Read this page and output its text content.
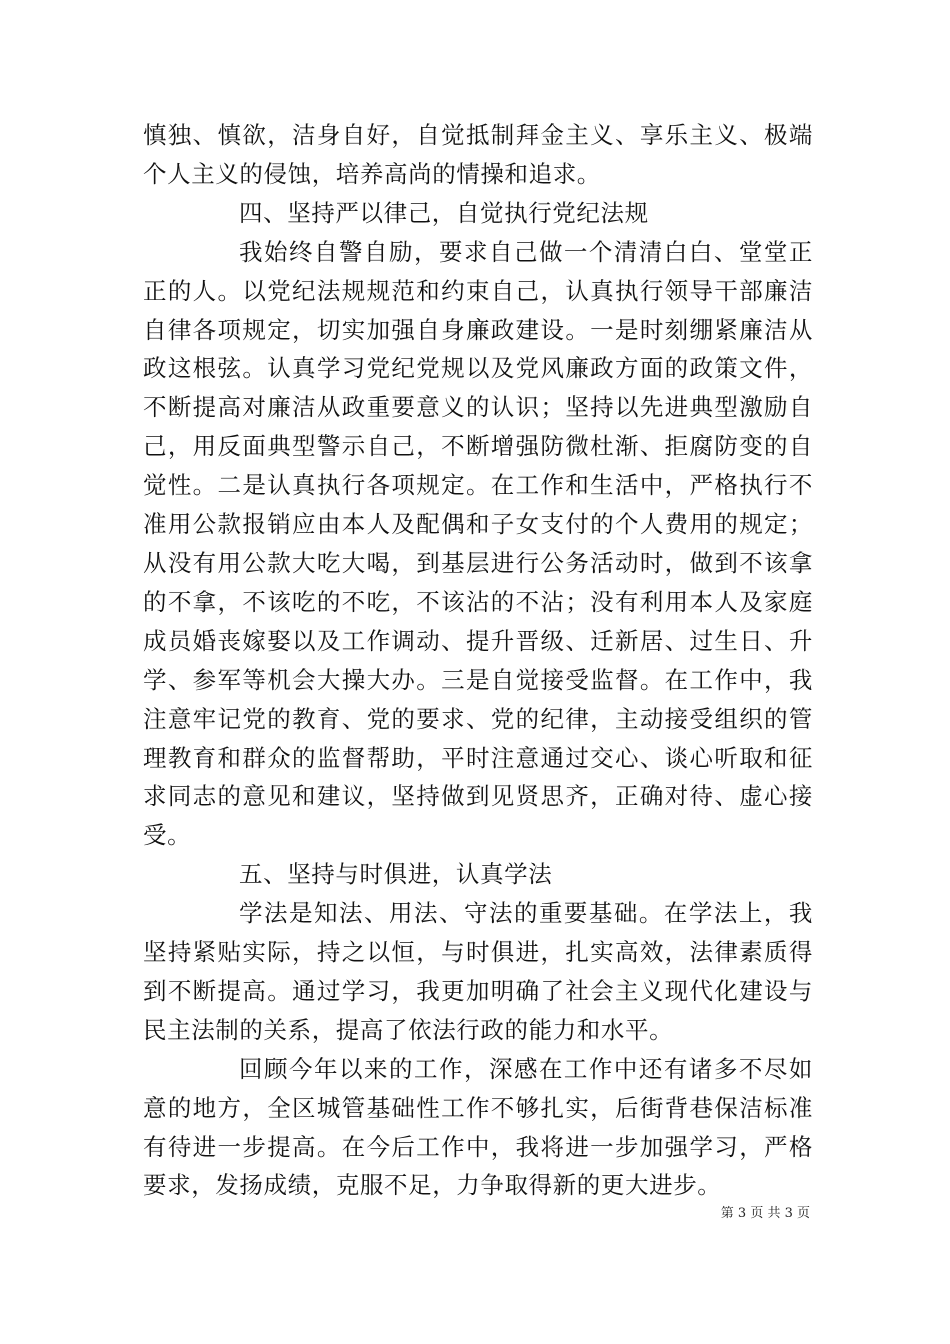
慎独、慎欲，洁身自好，自觉抵制拜金主义、享乐主义、极端个人主义的侵蚀，培养高尚的情操和追求。

四、坚持严以律己，自觉执行党纪法规

我始终自警自励，要求自己做一个清清白白、堂堂正正的人。以党纪法规规范和约束自己，认真执行领导干部廉洁自律各项规定，切实加强自身廉政建设。一是时刻绷紧廉洁从政这根弦。认真学习党纪党规以及党风廉政方面的政策文件，不断提高对廉洁从政重要意义的认识；坚持以先进典型激励自己，用反面典型警示自己，不断增强防微杜渐、拒腐防变的自觉性。二是认真执行各项规定。在工作和生活中，严格执行不准用公款报销应由本人及配偶和子女支付的个人费用的规定；从没有用公款大吃大喝，到基层进行公务活动时，做到不该拿的不拿，不该吃的不吃，不该沾的不沾；没有利用本人及家庭成员婚丧嫁娶以及工作调动、提升晋级、迁新居、过生日、升学、参军等机会大操大办。三是自觉接受监督。在工作中，我注意牢记党的教育、党的要求、党的纪律，主动接受组织的管理教育和群众的监督帮助，平时注意通过交心、谈心听取和征求同志的意见和建议，坚持做到见贤思齐，正确对待、虚心接受。

五、坚持与时俱进，认真学法

学法是知法、用法、守法的重要基础。在学法上，我坚持紧贴实际，持之以恒，与时俱进，扎实高效，法律素质得到不断提高。通过学习，我更加明确了社会主义现代化建设与民主法制的关系，提高了依法行政的能力和水平。

回顾今年以来的工作，深感在工作中还有诸多不尽如意的地方，全区城管基础性工作不够扎实，后街背巷保洁标准有待进一步提高。在今后工作中，我将进一步加强学习，严格要求，发扬成绩，克服不足，力争取得新的更大进步。

第 3 页 共 3 页
